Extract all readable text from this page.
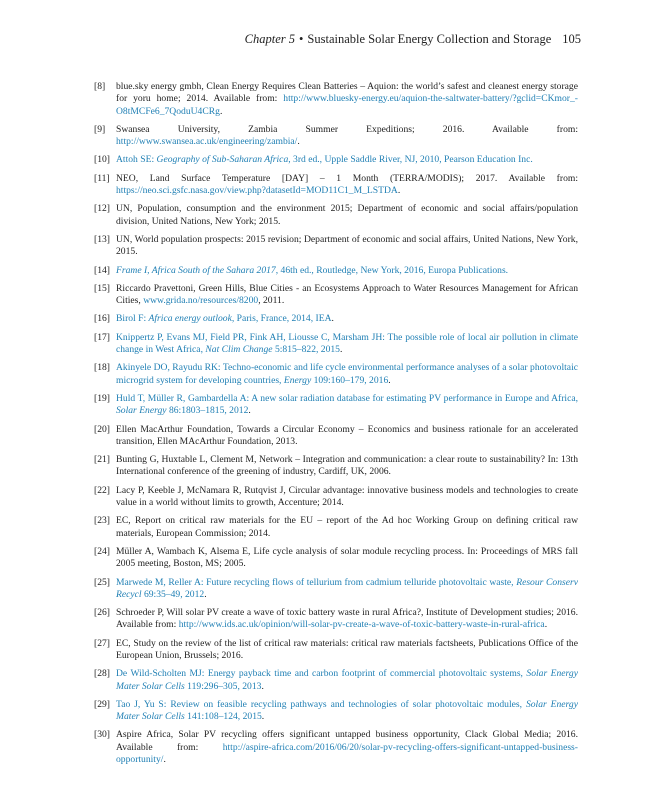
Chapter 5 • Sustainable Solar Energy Collection and Storage 105
[8]	blue.sky energy gmbh, Clean Energy Requires Clean Batteries – Aquion: the world’s safest and cleanest energy storage for yoru home; 2014. Available from: http://www.bluesky-energy.eu/aquion-the-saltwater-battery/?gclid=CKmor_-O8tMCFe6_7QoduU4CRg.
[9]	Swansea University, Zambia Summer Expeditions; 2016. Available from: http://www.swansea.ac.uk/engineering/zambia/.
[10] Attoh SE: Geography of Sub-Saharan Africa, 3rd ed., Upple Saddle River, NJ, 2010, Pearson Education Inc.
[11] NEO, Land Surface Temperature [DAY] – 1 Month (TERRA/MODIS); 2017. Available from: https://neo.sci.gsfc.nasa.gov/view.php?datasetId=MOD11C1_M_LSTDA.
[12] UN, Population, consumption and the environment 2015; Department of economic and social affairs/population division, United Nations, New York; 2015.
[13] UN, World population prospects: 2015 revision; Department of economic and social affairs, United Nations, New York, 2015.
[14] Frame I, Africa South of the Sahara 2017, 46th ed., Routledge, New York, 2016, Europa Publications.
[15] Riccardo Pravettoni, Green Hills, Blue Cities - an Ecosystems Approach to Water Resources Management for African Cities, www.grida.no/resources/8200, 2011.
[16] Birol F: Africa energy outlook, Paris, France, 2014, IEA.
[17] Knippertz P, Evans MJ, Field PR, Fink AH, Liousse C, Marsham JH: The possible role of local air pollution in climate change in West Africa, Nat Clim Change 5:815–822, 2015.
[18] Akinyele DO, Rayudu RK: Techno-economic and life cycle environmental performance analyses of a solar photovoltaic microgrid system for developing countries, Energy 109:160–179, 2016.
[19] Huld T, Müller R, Gambardella A: A new solar radiation database for estimating PV performance in Europe and Africa, Solar Energy 86:1803–1815, 2012.
[20] Ellen MacArthur Foundation, Towards a Circular Economy – Economics and business rationale for an accelerated transition, Ellen MAcArthur Foundation, 2013.
[21] Bunting G, Huxtable L, Clement M, Network – Integration and communication: a clear route to sustainability? In: 13th International conference of the greening of industry, Cardiff, UK, 2006.
[22] Lacy P, Keeble J, McNamara R, Rutqvist J, Circular advantage: innovative business models and technologies to create value in a world without limits to growth, Accenture; 2014.
[23] EC, Report on critical raw materials for the EU – report of the Ad hoc Working Group on defining critical raw materials, European Commission; 2014.
[24] Müller A, Wambach K, Alsema E, Life cycle analysis of solar module recycling process. In: Proceedings of MRS fall 2005 meeting, Boston, MS; 2005.
[25] Marwede M, Reller A: Future recycling flows of tellurium from cadmium telluride photovoltaic waste, Resour Conserv Recycl 69:35–49, 2012.
[26] Schroeder P, Will solar PV create a wave of toxic battery waste in rural Africa?, Institute of Development studies; 2016. Available from: http://www.ids.ac.uk/opinion/will-solar-pv-create-a-wave-of-toxic-battery-waste-in-rural-africa.
[27] EC, Study on the review of the list of critical raw materials: critical raw materials factsheets, Publications Office of the European Union, Brussels; 2016.
[28] De Wild-Scholten MJ: Energy payback time and carbon footprint of commercial photovoltaic systems, Solar Energy Mater Solar Cells 119:296–305, 2013.
[29] Tao J, Yu S: Review on feasible recycling pathways and technologies of solar photovoltaic modules, Solar Energy Mater Solar Cells 141:108–124, 2015.
[30] Aspire Africa, Solar PV recycling offers significant untapped business opportunity, Clack Global Media; 2016. Available from: http://aspire-africa.com/2016/06/20/solar-pv-recycling-offers-significant-untapped-business-opportunity/.
